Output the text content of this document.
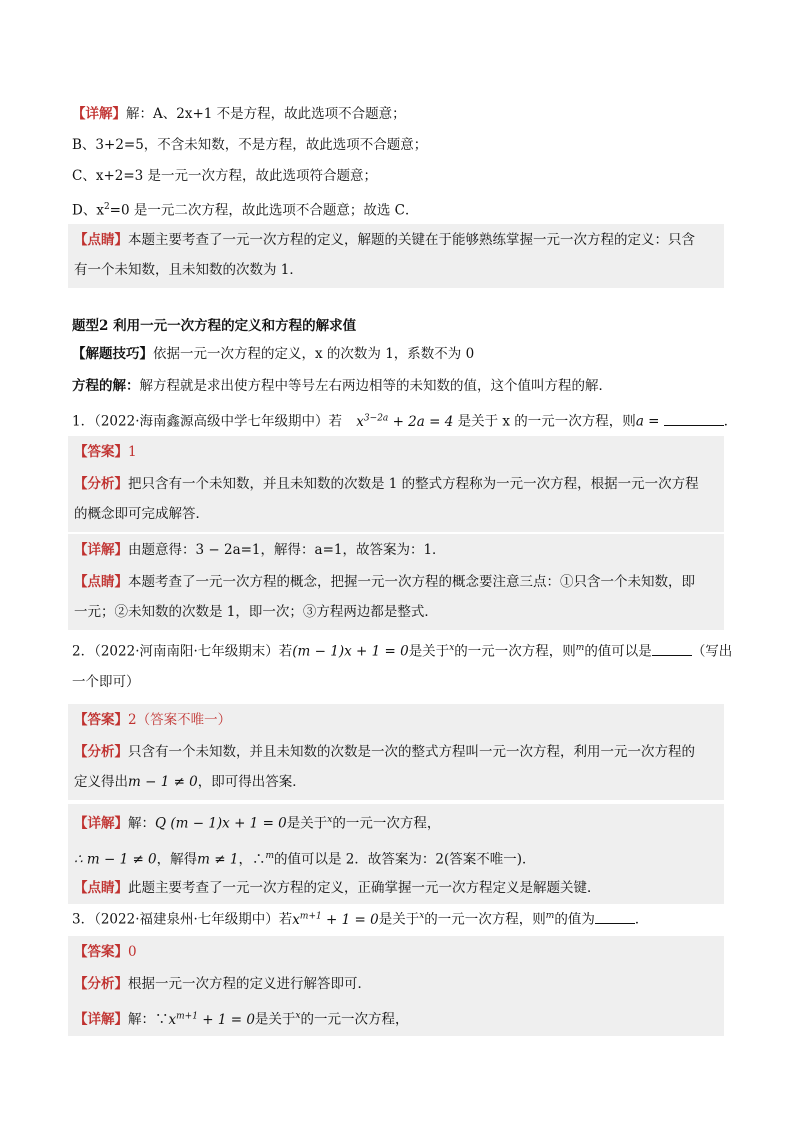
【详解】解：A、2x+1 不是方程，故此选项不合题意；
B、3+2=5，不含未知数，不是方程，故此选项不合题意；
C、x+2=3 是一元一次方程，故此选项符合题意；
D、$x^2=0$ 是一元二次方程，故此选项不合题意；故选 C．
【点睛】本题主要考查了一元一次方程的定义，解题的关键在于能够熟练掌握一元一次方程的定义：只含
有一个未知数，且未知数的次数为 1．
题型2 利用一元一次方程的定义和方程的解求值
【解题技巧】依据一元一次方程的定义，x 的次数为 1，系数不为 0
方程的解：解方程就是求出使方程中等号左右两边相等的未知数的值，这个值叫方程的解．
1．（2022·海南鑫源高级中学七年级期中）若 $x^{3-2a} + 2a = 4$ 是关于 x 的一元一次方程，则a =	．
【答案】1
【分析】把只含有一个未知数，并且未知数的次数是 1 的整式方程称为一元一次方程，根据一元一次方程
的概念即可完成解答．
【详解】由题意得：3 − 2a=1，解得：a=1，故答案为：1．
【点睛】本题考查了一元一次方程的概念，把握一元一次方程的概念要注意三点：①只含一个未知数，即
一元；②未知数的次数是 1，即一次；③方程两边都是整式．
2．（2022·河南南阳·七年级期末）若(m − 1)x + 1 = 0是关于$^x$的一元一次方程，则$^m$的值可以是	（写出
一个即可）
【答案】2（答案不唯一）
【分析】只含有一个未知数，并且未知数的次数是一次的整式方程叫一元一次方程，利用一元一次方程的
定义得出m − 1 ≠ 0，即可得出答案．
【详解】解：Q (m − 1)x + 1 = 0是关于$^x$的一元一次方程，
∴ m − 1 ≠ 0，解得m ≠ 1，∴$^m$的值可以是 2．故答案为：2(答案不唯一)．
【点睛】此题主要考查了一元一次方程的定义，正确掌握一元一次方程定义是解题关键．
3．（2022·福建泉州·七年级期中）若$x^{m+1} + 1 = 0$是关于$^x$的一元一次方程，则$^m$的值为	．
【答案】0
【分析】根据一元一次方程的定义进行解答即可．
【详解】解：$\because x^{m+1} + 1 = 0$是关于$^x$的一元一次方程，
